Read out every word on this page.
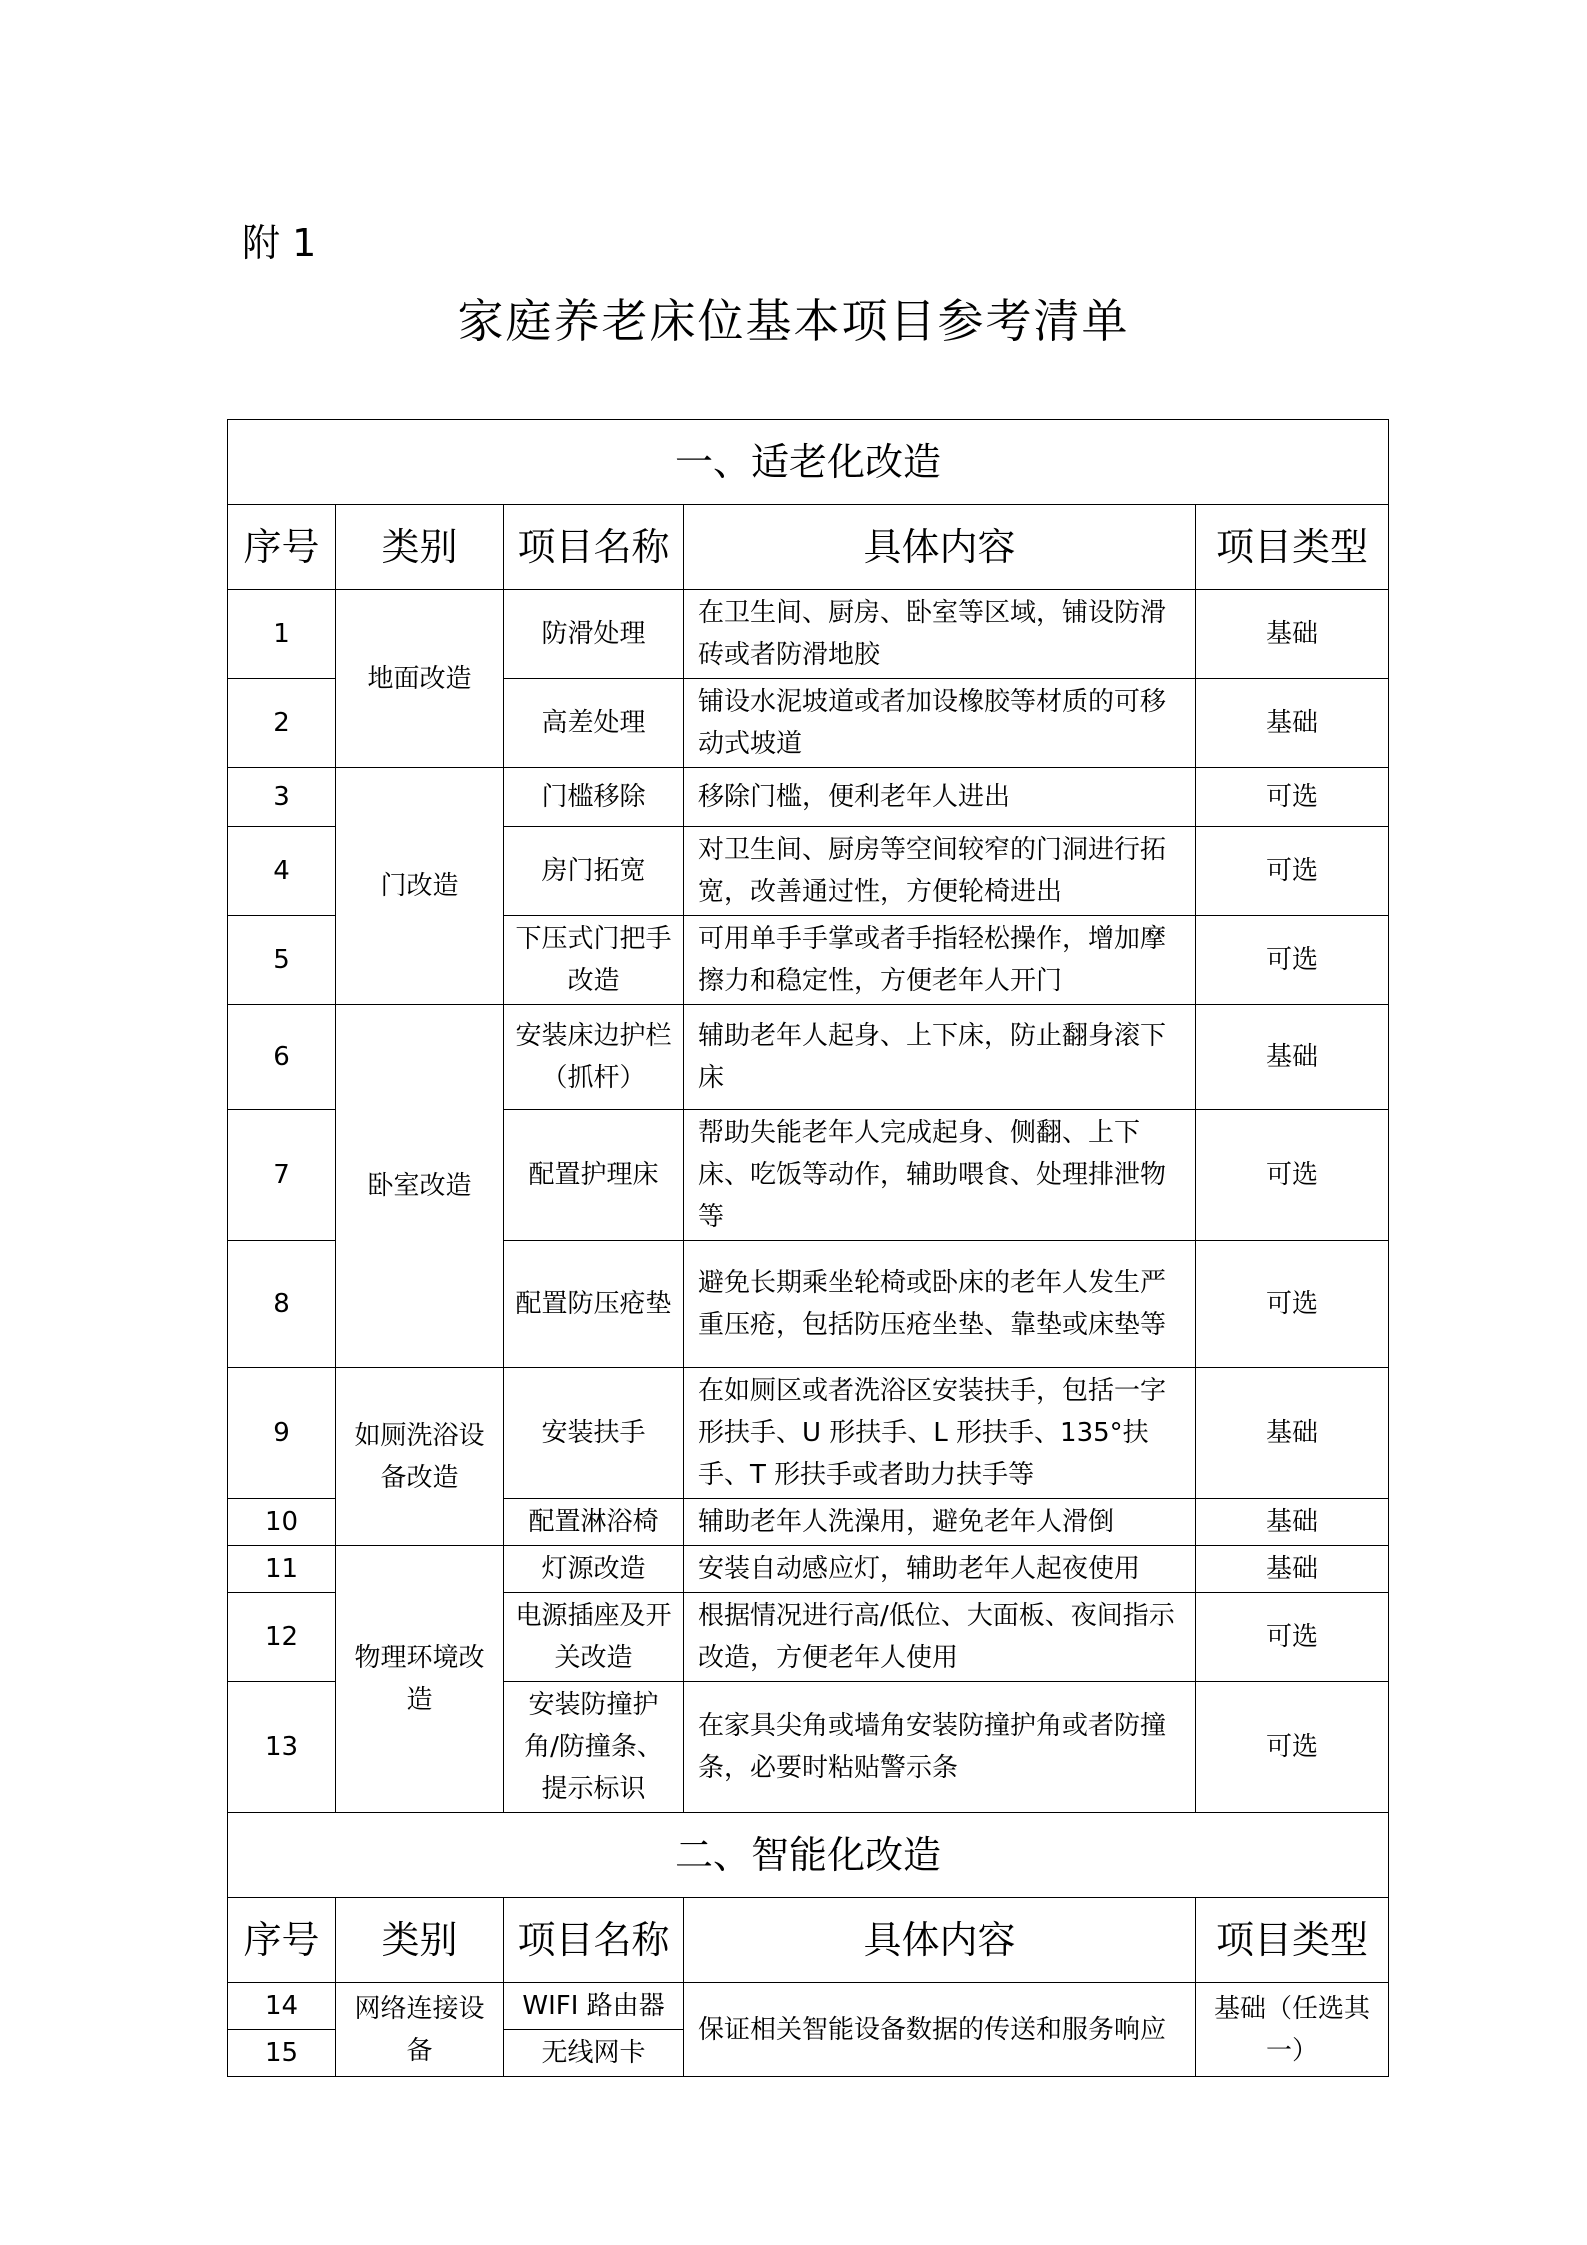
附 1
家庭养老床位基本项目参考清单
一、适老化改造				
序号	类别	项目名称	具体内容	项目类型
1	地面改造	防滑处理	在卫生间、厨房、卧室等区域，铺设防滑砖或者防滑地胶	基础
2		高差处理	铺设水泥坡道或者加设橡胶等材质的可移动式坡道	基础
3	门改造	门槛移除	移除门槛，便利老年人进出	可选
4		房门拓宽	对卫生间、厨房等空间较窄的门洞进行拓宽，改善通过性，方便轮椅进出	可选
5		下压式门把手改造	可用单手手掌或者手指轻松操作，增加摩擦力和稳定性，方便老年人开门	可选
6	卧室改造	安装床边护栏（抓杆）	辅助老年人起身、上下床，防止翻身滚下床	基础
7		配置护理床	帮助失能老年人完成起身、侧翻、上下床、吃饭等动作，辅助喂食、处理排泄物等	可选
8		配置防压疮垫	避免长期乘坐轮椅或卧床的老年人发生严重压疮，包括防压疮坐垫、靠垫或床垫等	可选
9	如厕洗浴设备改造	安装扶手	在如厕区或者洗浴区安装扶手，包括一字形扶手、U 形扶手、L 形扶手、135°扶手、T 形扶手或者助力扶手等	基础
10		配置淋浴椅	辅助老年人洗澡用，避免老年人滑倒	基础
11	物理环境改造	灯源改造	安装自动感应灯，辅助老年人起夜使用	基础
12		电源插座及开关改造	根据情况进行高/低位、大面板、夜间指示改造，方便老年人使用	可选
13		安装防撞护角/防撞条、提示标识	在家具尖角或墙角安装防撞护角或者防撞条，必要时粘贴警示条	可选
二、智能化改造				
序号	类别	项目名称	具体内容	项目类型
14	网络连接设备	WIFI 路由器	保证相关智能设备数据的传送和服务响应	基础（任选其一）
15		无线网卡		
